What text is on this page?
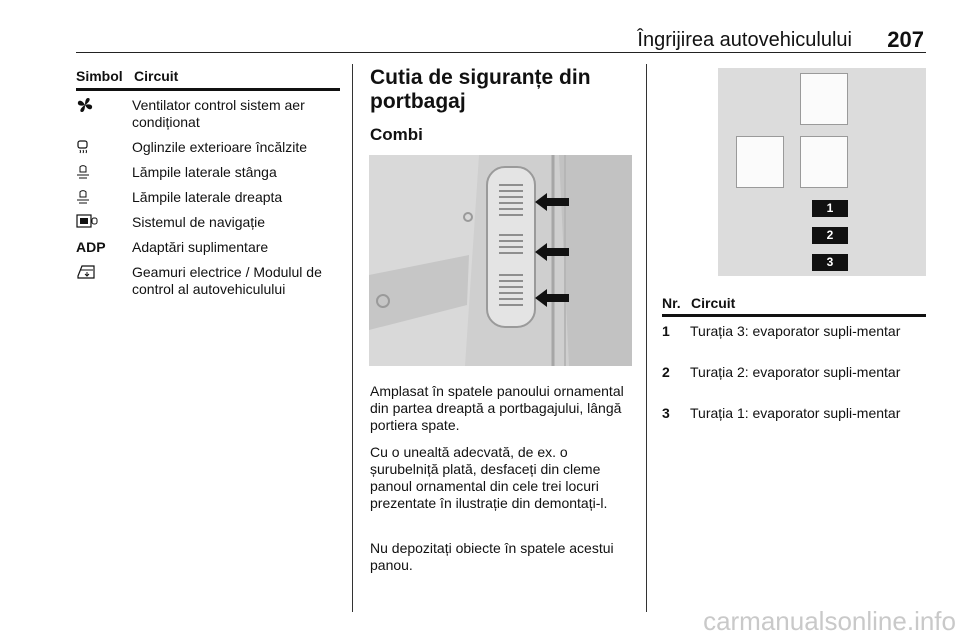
Îngrijirea autovehiculului 207
Simbol Circuit
Ventilator control sistem aer condiționat
Oglinzile exterioare încălzite
Lămpile laterale stânga
Lămpile laterale dreapta
Sistemul de navigație
ADP	Adaptări suplimentare
Geamuri electrice / Modulul de control al autovehiculului
Cutia de siguranțe din portbagaj
Combi
Amplasat în spatele panoului ornamental din partea dreaptă a portbagajului, lângă portiera spate.
Cu o unealtă adecvată, de ex. o șurubelniță plată, desfaceți din cleme panoul ornamental din cele trei locuri prezentate în ilustrație din demontați-l.
Nu depozitați obiecte în spatele acestui panou.
1
2
3
Nr. Circuit
1 Turația 3: evaporator supli-mentar
2 Turația 2: evaporator supli-mentar
3 Turația 1: evaporator supli-mentar
carmanualsonline.info
